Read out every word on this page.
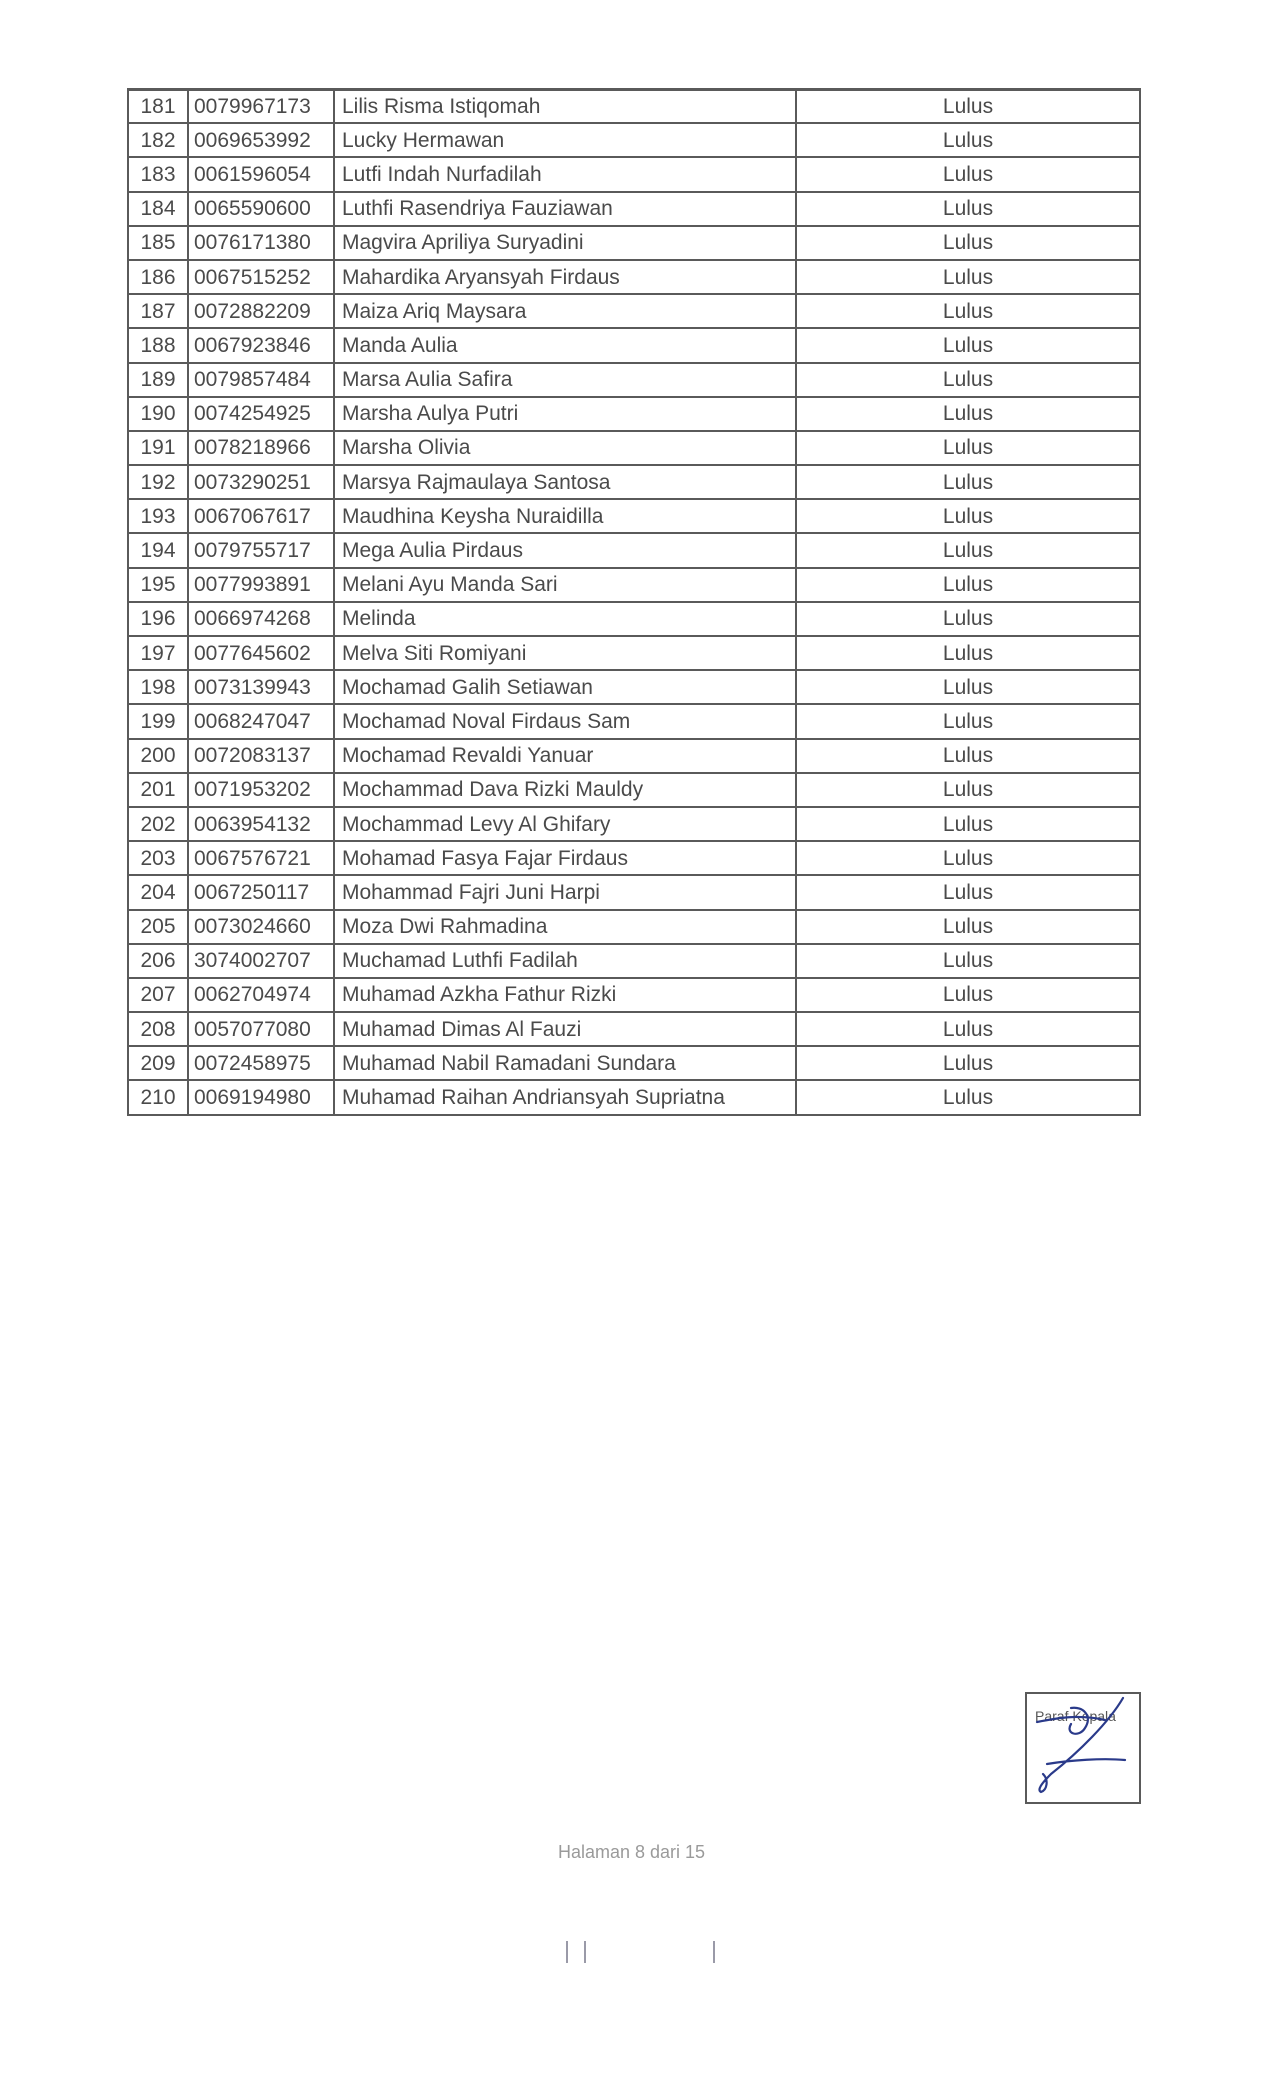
181	0079967173	Lilis Risma Istiqomah	Lulus
182	0069653992	Lucky Hermawan	Lulus
183	0061596054	Lutfi Indah Nurfadilah	Lulus
184	0065590600	Luthfi Rasendriya Fauziawan	Lulus
185	0076171380	Magvira Apriliya Suryadini	Lulus
186	0067515252	Mahardika Aryansyah Firdaus	Lulus
187	0072882209	Maiza Ariq Maysara	Lulus
188	0067923846	Manda Aulia	Lulus
189	0079857484	Marsa Aulia Safira	Lulus
190	0074254925	Marsha Aulya Putri	Lulus
191	0078218966	Marsha Olivia	Lulus
192	0073290251	Marsya Rajmaulaya Santosa	Lulus
193	0067067617	Maudhina Keysha Nuraidilla	Lulus
194	0079755717	Mega Aulia Pirdaus	Lulus
195	0077993891	Melani Ayu Manda Sari	Lulus
196	0066974268	Melinda	Lulus
197	0077645602	Melva Siti Romiyani	Lulus
198	0073139943	Mochamad Galih Setiawan	Lulus
199	0068247047	Mochamad Noval Firdaus Sam	Lulus
200	0072083137	Mochamad Revaldi Yanuar	Lulus
201	0071953202	Mochammad Dava Rizki Mauldy	Lulus
202	0063954132	Mochammad Levy Al Ghifary	Lulus
203	0067576721	Mohamad Fasya Fajar Firdaus	Lulus
204	0067250117	Mohammad Fajri Juni Harpi	Lulus
205	0073024660	Moza Dwi Rahmadina	Lulus
206	3074002707	Muchamad Luthfi Fadilah	Lulus
207	0062704974	Muhamad Azkha Fathur Rizki	Lulus
208	0057077080	Muhamad Dimas Al Fauzi	Lulus
209	0072458975	Muhamad Nabil Ramadani Sundara	Lulus
210	0069194980	Muhamad Raihan Andriansyah Supriatna	Lulus
Paraf Kepala
Halaman 8 dari 15
